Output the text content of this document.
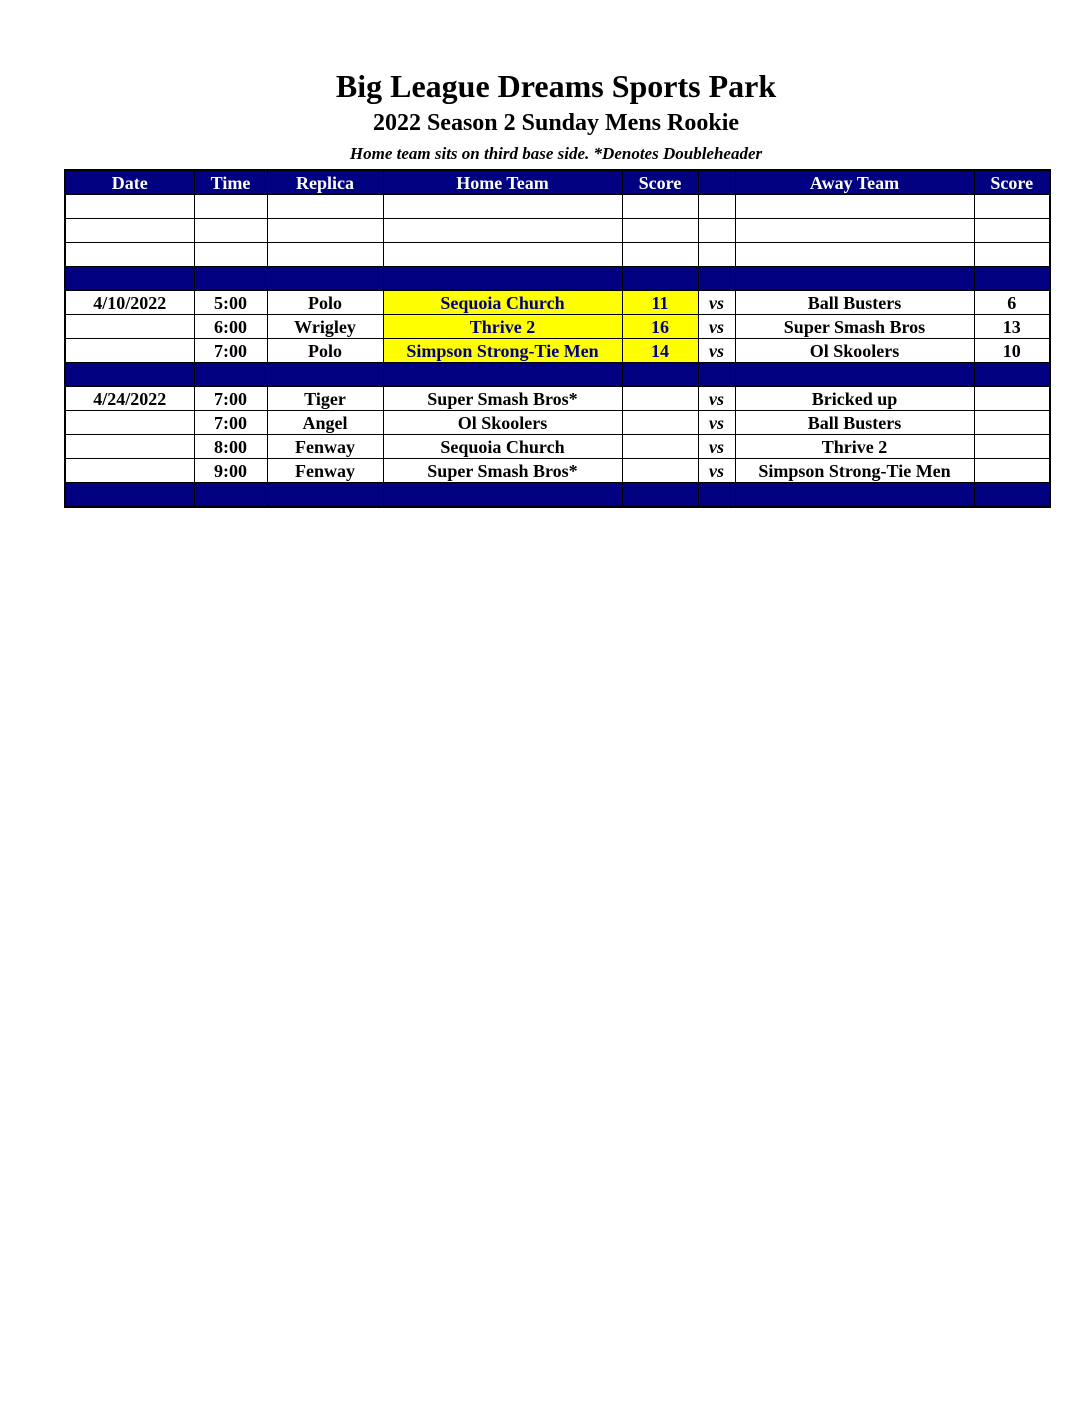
Big League Dreams Sports Park
2022 Season 2 Sunday Mens Rookie
Home team sits on third base side. *Denotes Doubleheader
Date	Time	Replica	Home Team	Score		Away Team	Score

4/10/2022	5:00	Polo	Sequoia Church	11	vs	Ball Busters	6
	6:00	Wrigley	Thrive 2	16	vs	Super Smash Bros	13
	7:00	Polo	Simpson Strong-Tie Men	14	vs	Ol Skoolers	10

4/24/2022	7:00	Tiger	Super Smash Bros*		vs	Bricked up	
	7:00	Angel	Ol Skoolers		vs	Ball Busters	
	8:00	Fenway	Sequoia Church		vs	Thrive 2	
	9:00	Fenway	Super Smash Bros*		vs	Simpson Strong-Tie Men	
